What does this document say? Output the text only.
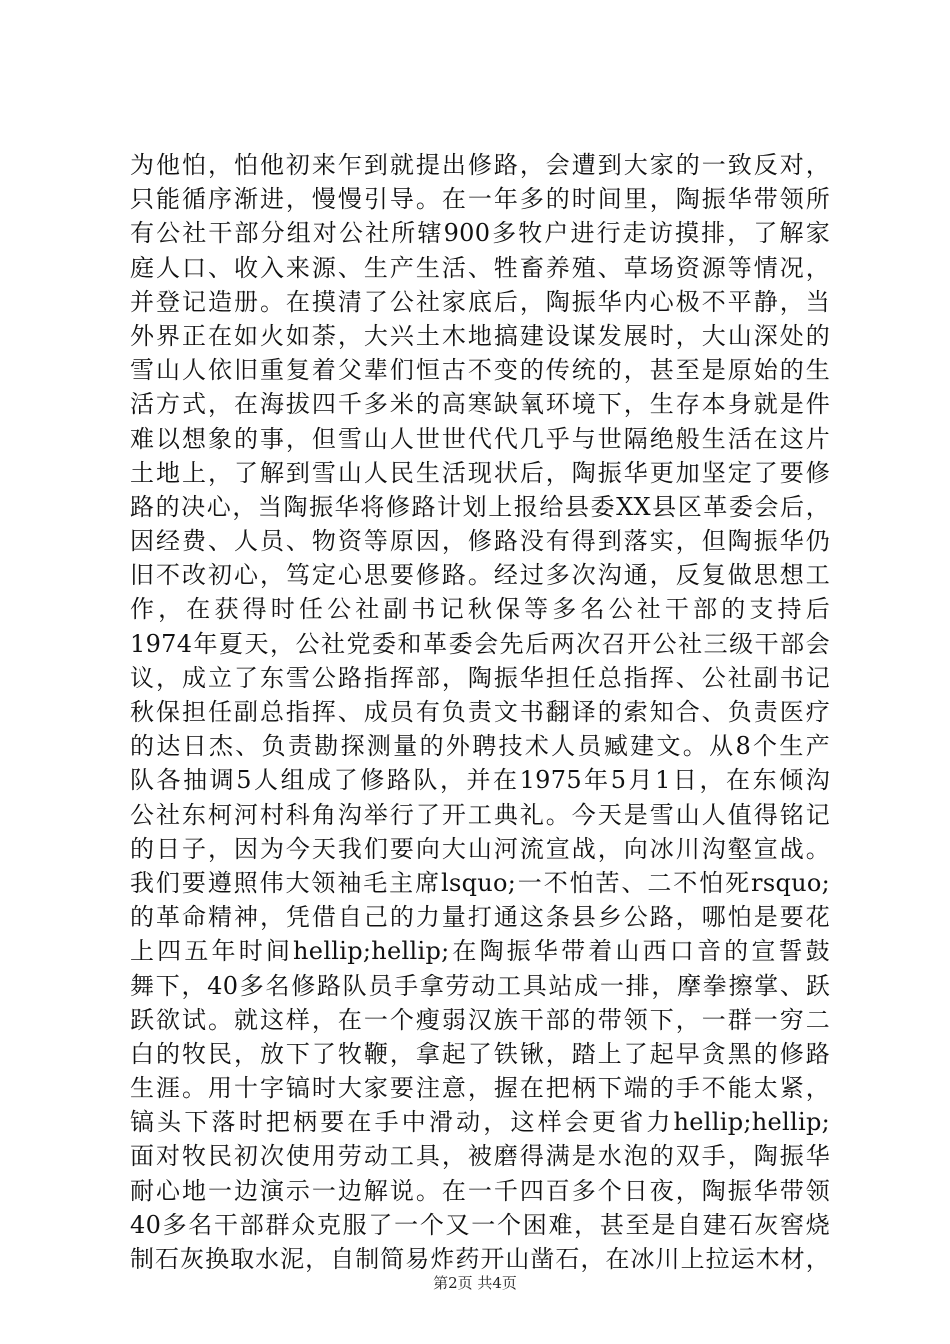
为他怕，怕他初来乍到就提出修路，会遭到大家的一致反对，
只能循序渐进，慢慢引导。在一年多的时间里，陶振华带领所
有公社干部分组对公社所辖900多牧户进行走访摸排，了解家
庭人口、收入来源、生产生活、牲畜养殖、草场资源等情况，
并登记造册。在摸清了公社家底后，陶振华内心极不平静，当
外界正在如火如荼，大兴土木地搞建设谋发展时，大山深处的
雪山人依旧重复着父辈们恒古不变的传统的，甚至是原始的生
活方式，在海拔四千多米的高寒缺氧环境下，生存本身就是件
难以想象的事，但雪山人世世代代几乎与世隔绝般生活在这片
土地上，了解到雪山人民生活现状后，陶振华更加坚定了要修
路的决心，当陶振华将修路计划上报给县委XX县区革委会后，
因经费、人员、物资等原因，修路没有得到落实，但陶振华仍
旧不改初心，笃定心思要修路。经过多次沟通，反复做思想工
作，在获得时任公社副书记秋保等多名公社干部的支持后
1974年夏天，公社党委和革委会先后两次召开公社三级干部会
议，成立了东雪公路指挥部，陶振华担任总指挥、公社副书记
秋保担任副总指挥、成员有负责文书翻译的索知合、负责医疗
的达日杰、负责勘探测量的外聘技术人员臧建文。从8个生产
队各抽调5人组成了修路队，并在1975年5月1日，在东倾沟
公社东柯河村科角沟举行了开工典礼。今天是雪山人值得铭记
的日子，因为今天我们要向大山河流宣战，向冰川沟壑宣战。
我们要遵照伟大领袖毛主席lsquo;一不怕苦、二不怕死rsquo;
的革命精神，凭借自己的力量打通这条县乡公路，哪怕是要花
上四五年时间hellip;hellip;在陶振华带着山西口音的宣誓鼓
舞下，40多名修路队员手拿劳动工具站成一排，摩拳擦掌、跃
跃欲试。就这样，在一个瘦弱汉族干部的带领下，一群一穷二
白的牧民，放下了牧鞭，拿起了铁锹，踏上了起早贪黑的修路
生涯。用十字镐时大家要注意，握在把柄下端的手不能太紧，
镐头下落时把柄要在手中滑动，这样会更省力hellip;hellip;
面对牧民初次使用劳动工具，被磨得满是水泡的双手，陶振华
耐心地一边演示一边解说。在一千四百多个日夜，陶振华带领
40多名干部群众克服了一个又一个困难，甚至是自建石灰窖烧
制石灰换取水泥，自制简易炸药开山凿石，在冰川上拉运木材，
第2页 共4页
